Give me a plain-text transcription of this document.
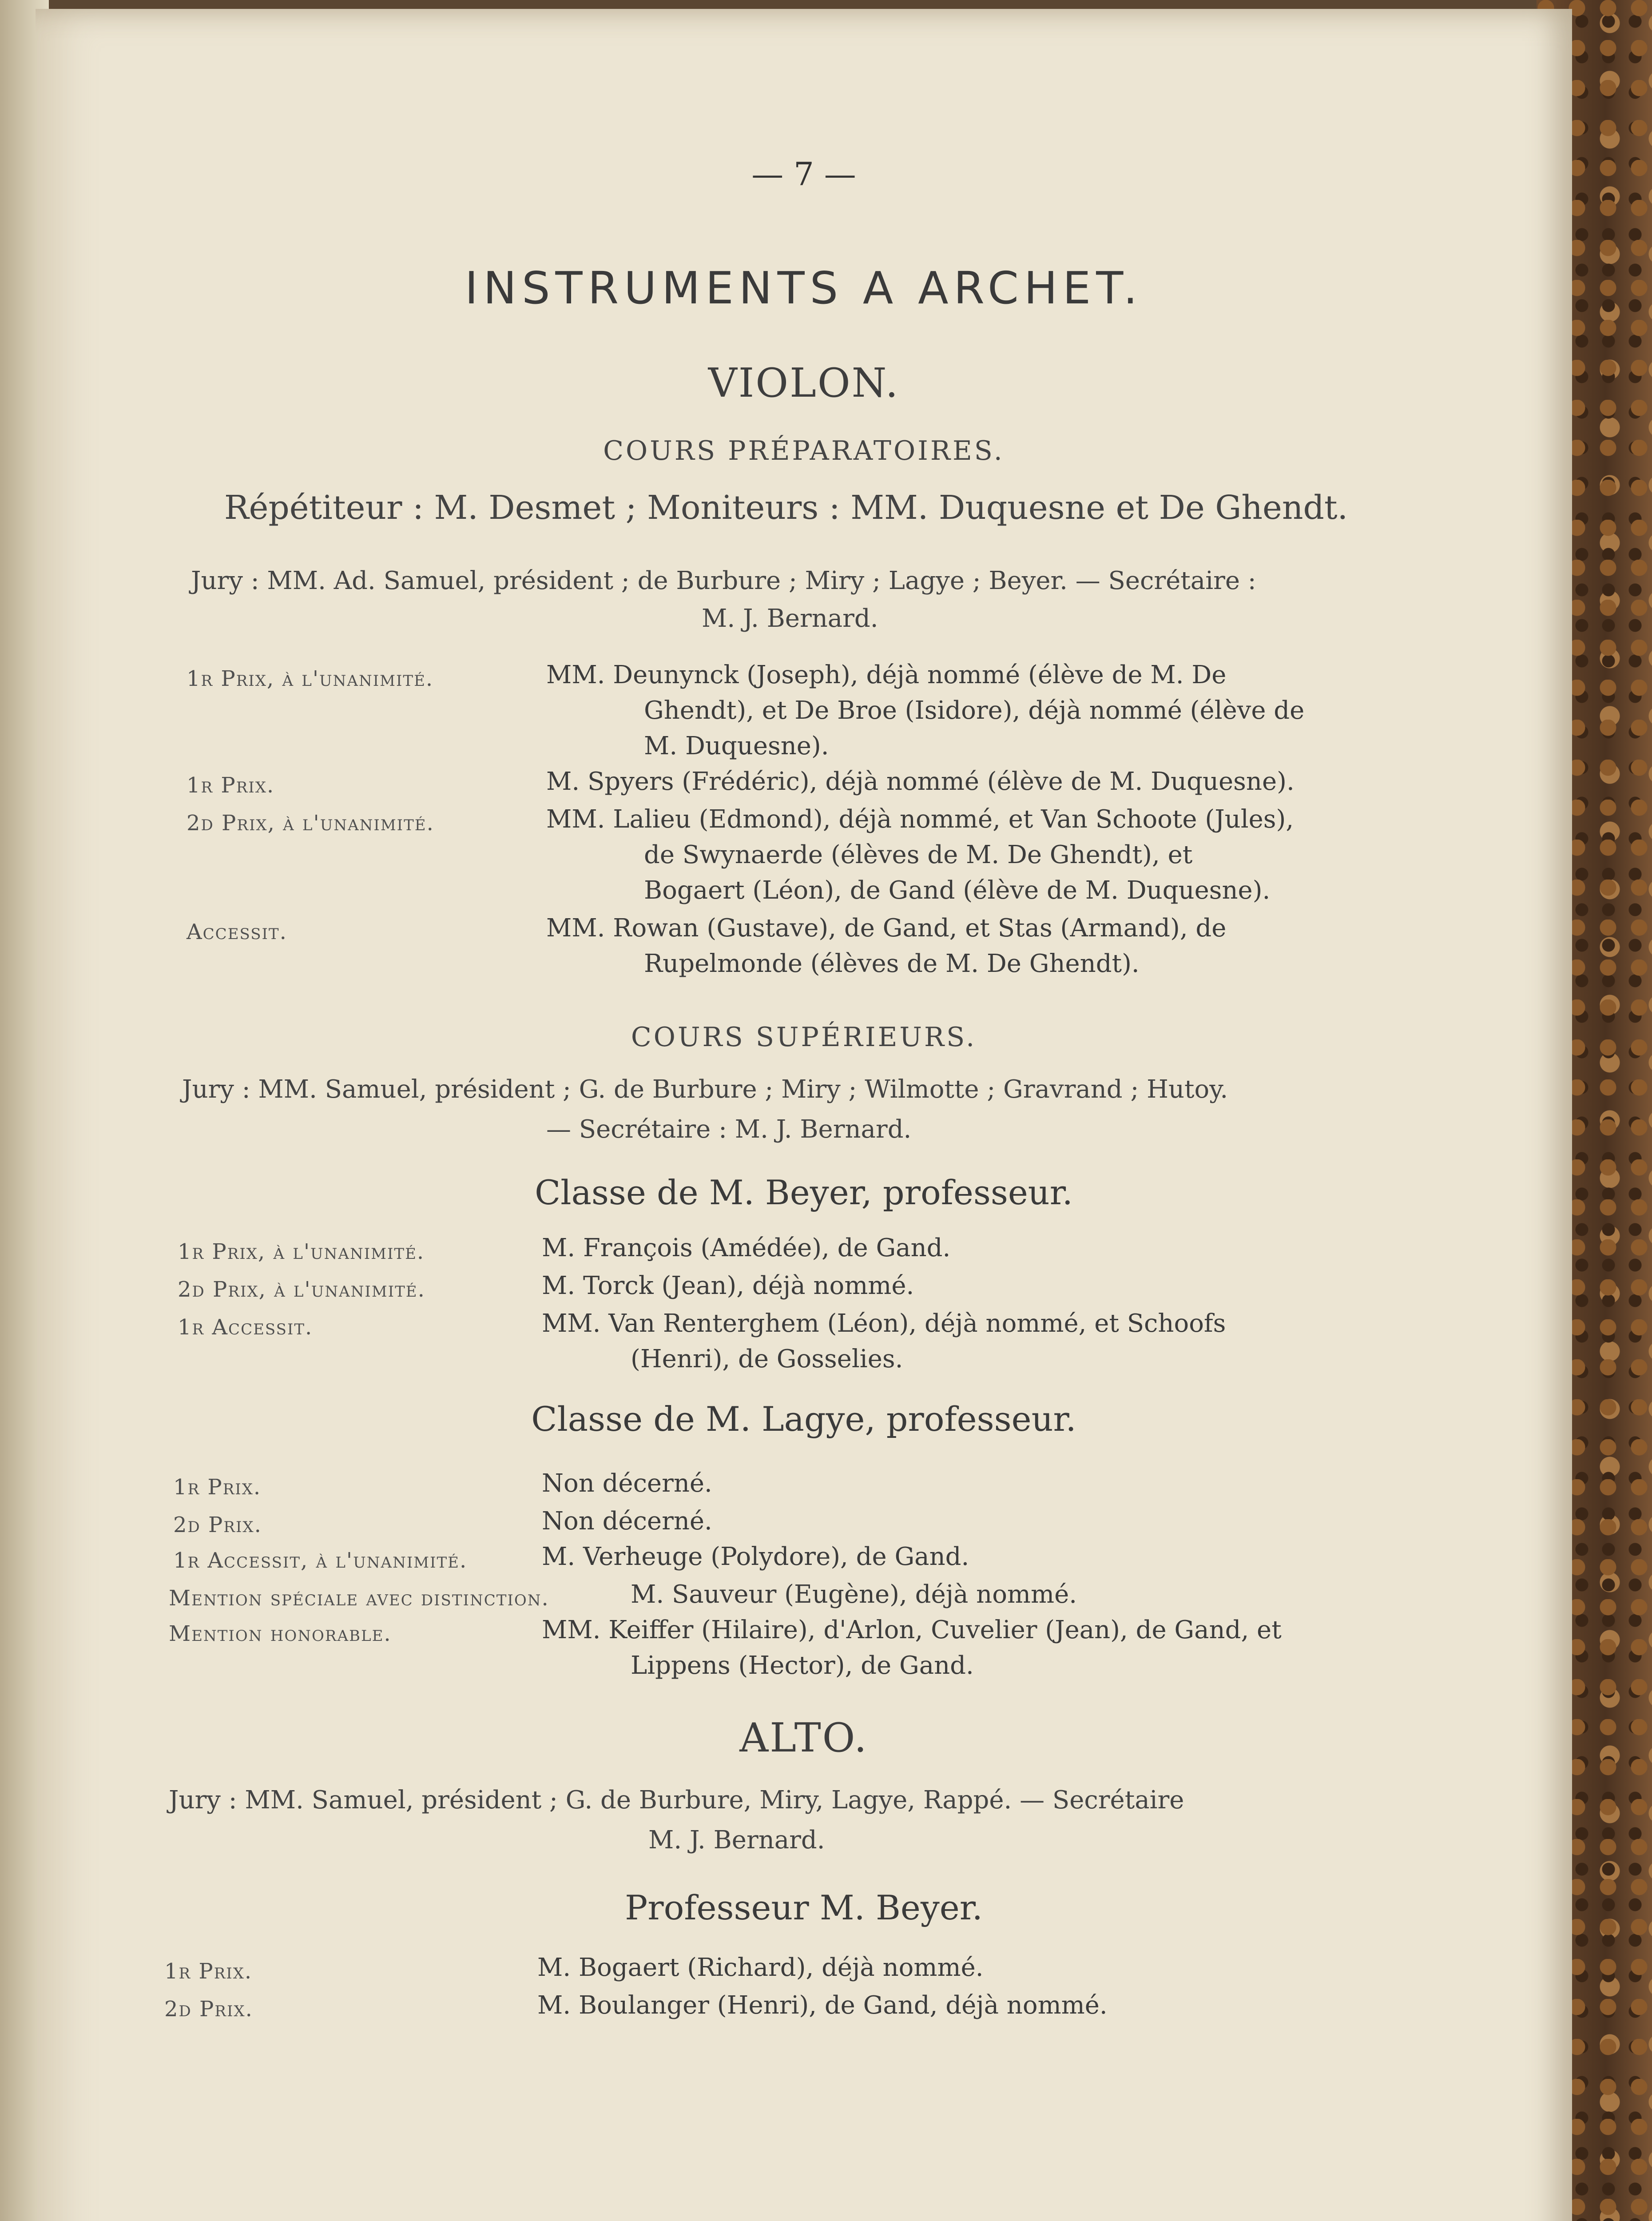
— 7 —
INSTRUMENTS A ARCHET.
VIOLON.
COURS PRÉPARATOIRES.
Répétiteur : M. Desmet ; Moniteurs : MM. Duquesne et De Ghendt.
Jury : MM. Ad. Samuel, président ; de Burbure ; Miry ; Lagye ; Beyer. — Secrétaire :
M. J. Bernard.
1r Prix, à l'unanimité.	MM. Deunynck (Joseph), déjà nommé (élève de M. De
Ghendt), et De Broe (Isidore), déjà nommé (élève de
M. Duquesne).
1r Prix.	M. Spyers (Frédéric), déjà nommé (élève de M. Duquesne).
2d Prix, à l'unanimité.	MM. Lalieu (Edmond), déjà nommé, et Van Schoote (Jules),
de Swynaerde (élèves de M. De Ghendt), et
Bogaert (Léon), de Gand (élève de M. Duquesne).
Accessit.	MM. Rowan (Gustave), de Gand, et Stas (Armand), de
Rupelmonde (élèves de M. De Ghendt).
COURS SUPÉRIEURS.
Jury : MM. Samuel, président ; G. de Burbure ; Miry ; Wilmotte ; Gravrand ; Hutoy.
— Secrétaire : M. J. Bernard.
Classe de M. Beyer, professeur.
1r Prix, à l'unanimité.	M. François (Amédée), de Gand.
2d Prix, à l'unanimité.	M. Torck (Jean), déjà nommé.
1r Accessit.	MM. Van Renterghem (Léon), déjà nommé, et Schoofs
(Henri), de Gosselies.
Classe de M. Lagye, professeur.
1r Prix.	Non décerné.
2d Prix.	Non décerné.
1r Accessit, à l'unanimité.	M. Verheuge (Polydore), de Gand.
Mention spéciale avec distinction.	M. Sauveur (Eugène), déjà nommé.
Mention honorable.	MM. Keiffer (Hilaire), d'Arlon, Cuvelier (Jean), de Gand, et
Lippens (Hector), de Gand.
ALTO.
Jury : MM. Samuel, président ; G. de Burbure, Miry, Lagye, Rappé. — Secrétaire
M. J. Bernard.
Professeur M. Beyer.
1r Prix.	M. Bogaert (Richard), déjà nommé.
2d Prix.	M. Boulanger (Henri), de Gand, déjà nommé.
